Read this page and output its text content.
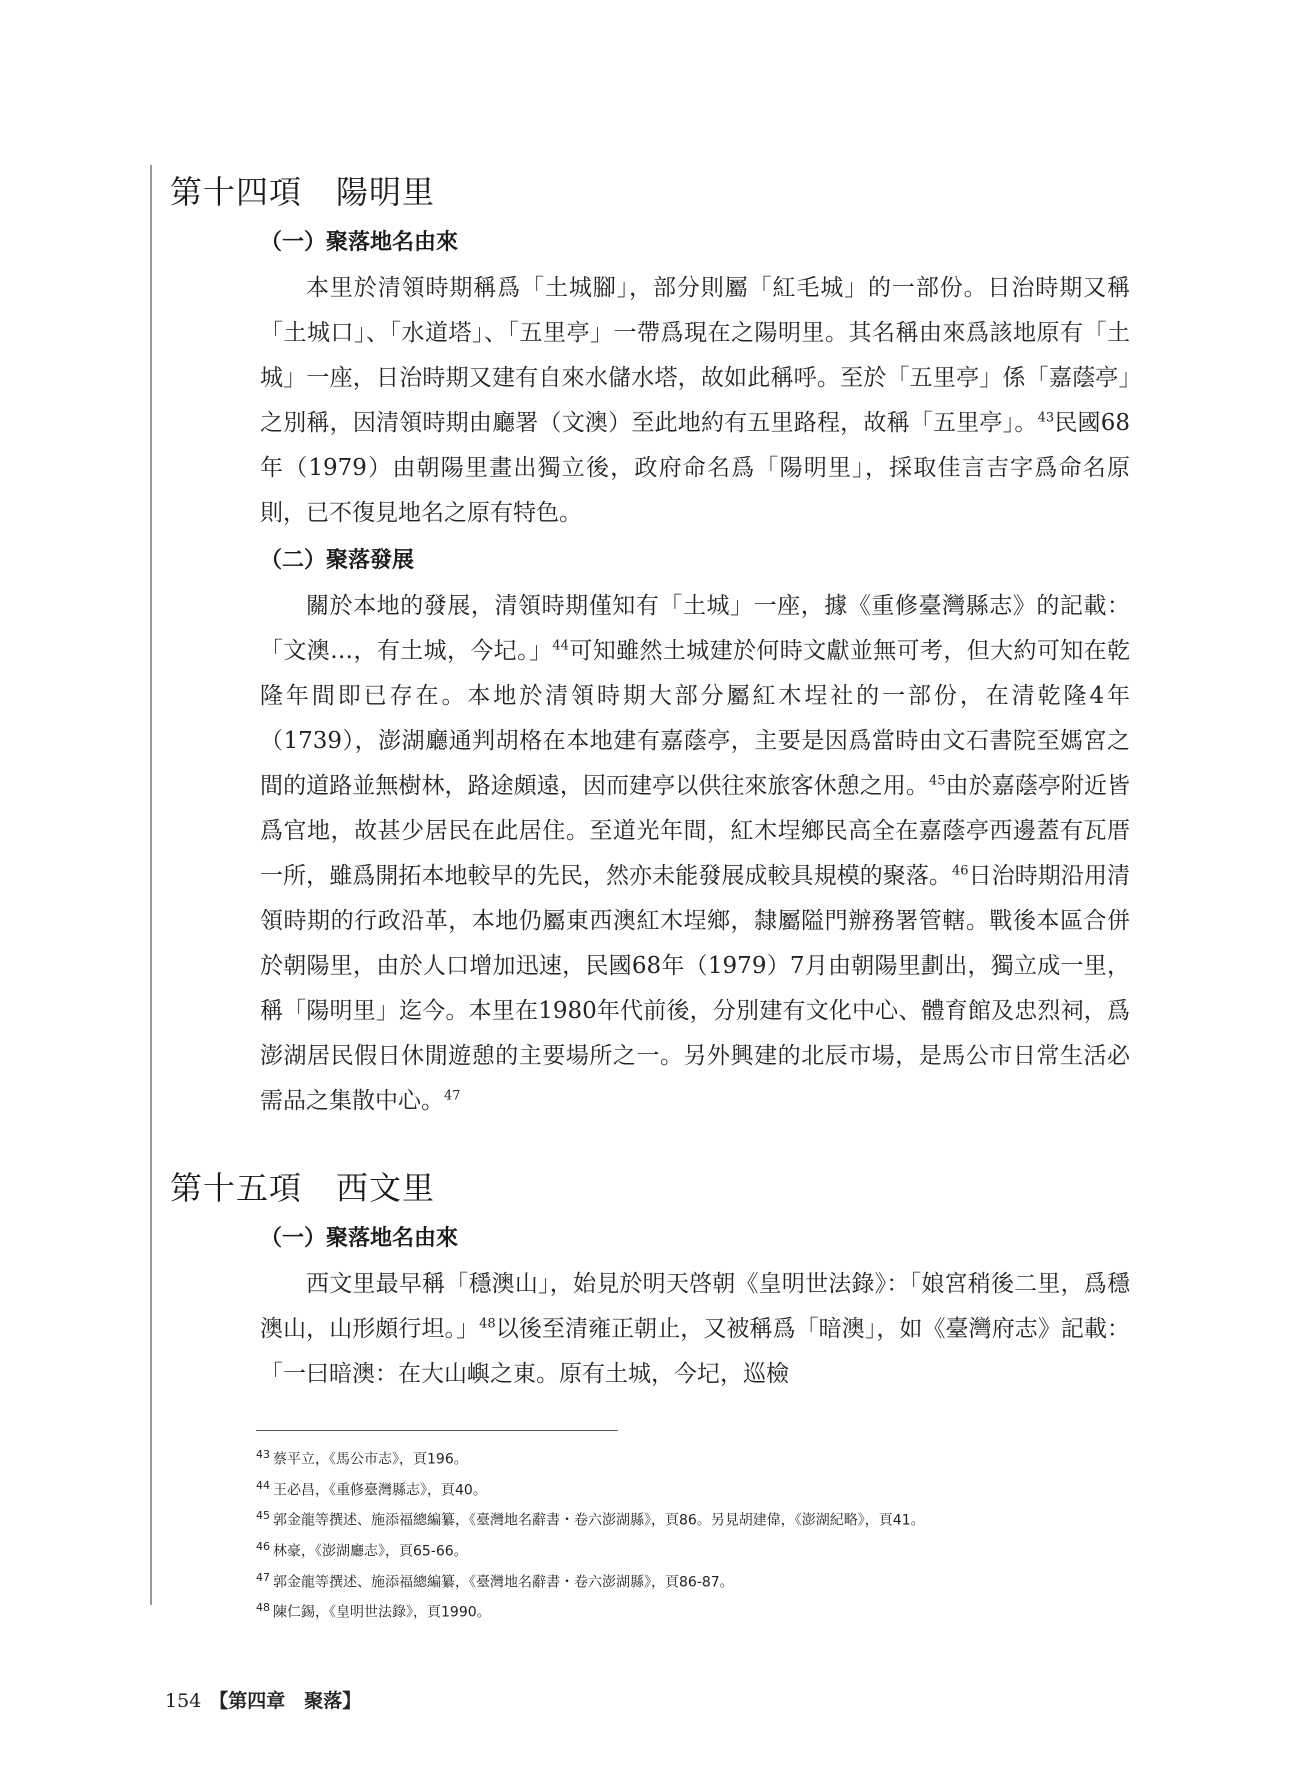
第十四項 陽明里
（一）聚落地名由來

本里於清領時期稱爲「土城腳」，部分則屬「紅毛城」的一部份。日治時期又稱「土城口」、「水道塔」、「五里亭」一帶爲現在之陽明里。其名稱由來爲該地原有「土城」一座，日治時期又建有自來水儲水塔，故如此稱呼。至於「五里亭」係「嘉蔭亭」之別稱，因清領時期由廳署（文澳）至此地約有五里路程，故稱「五里亭」。$^{43}$民國68年（1979）由朝陽里畫出獨立後，政府命名爲「陽明里」，採取佳言吉字爲命名原則，已不復見地名之原有特色。

（二）聚落發展

關於本地的發展，清領時期僅知有「土城」一座，據《重修臺灣縣志》的記載：「文澳…，有土城，今圮。」$^{44}$可知雖然土城建於何時文獻並無可考，但大約可知在乾隆年間即已存在。本地於清領時期大部分屬紅木埕社的一部份，在清乾隆4年（1739），澎湖廳通判胡格在本地建有嘉蔭亭，主要是因爲當時由文石書院至媽宮之間的道路並無樹林，路途頗遠，因而建亭以供往來旅客休憩之用。$^{45}$由於嘉蔭亭附近皆爲官地，故甚少居民在此居住。至道光年間，紅木埕鄉民高全在嘉蔭亭西邊蓋有瓦厝一所，雖爲開拓本地較早的先民，然亦未能發展成較具規模的聚落。$^{46}$日治時期沿用清領時期的行政沿革，本地仍屬東西澳紅木埕鄉，隸屬隘門辦務署管轄。戰後本區合併於朝陽里，由於人口增加迅速，民國68年（1979）7月由朝陽里劃出，獨立成一里，稱「陽明里」迄今。本里在1980年代前後，分別建有文化中心、體育館及忠烈祠，爲澎湖居民假日休閒遊憩的主要場所之一。另外興建的北辰市場，是馬公市日常生活必需品之集散中心。$^{47}$

第十五項 西文里
（一）聚落地名由來

西文里最早稱「穩澳山」，始見於明天啓朝《皇明世法錄》：「娘宮稍後二里，爲穩澳山，山形頗行坦。」$^{48}$以後至清雍正朝止，又被稱爲「暗澳」，如《臺灣府志》記載：「一曰暗澳：在大山嶼之東。原有土城，今圮，巡檢

$^{43}$ 蔡平立，《馬公市志》，頁196。
$^{44}$ 王必昌，《重修臺灣縣志》，頁40。
$^{45}$ 郭金龍等撰述、施添福總編纂，《臺灣地名辭書・卷六澎湖縣》，頁86。另見胡建偉，《澎湖紀略》，頁41。
$^{46}$ 林豪，《澎湖廳志》，頁65-66。
$^{47}$ 郭金龍等撰述、施添福總編纂，《臺灣地名辭書・卷六澎湖縣》，頁86-87。
$^{48}$ 陳仁錫，《皇明世法錄》，頁1990。
154 【第四章　聚落】
